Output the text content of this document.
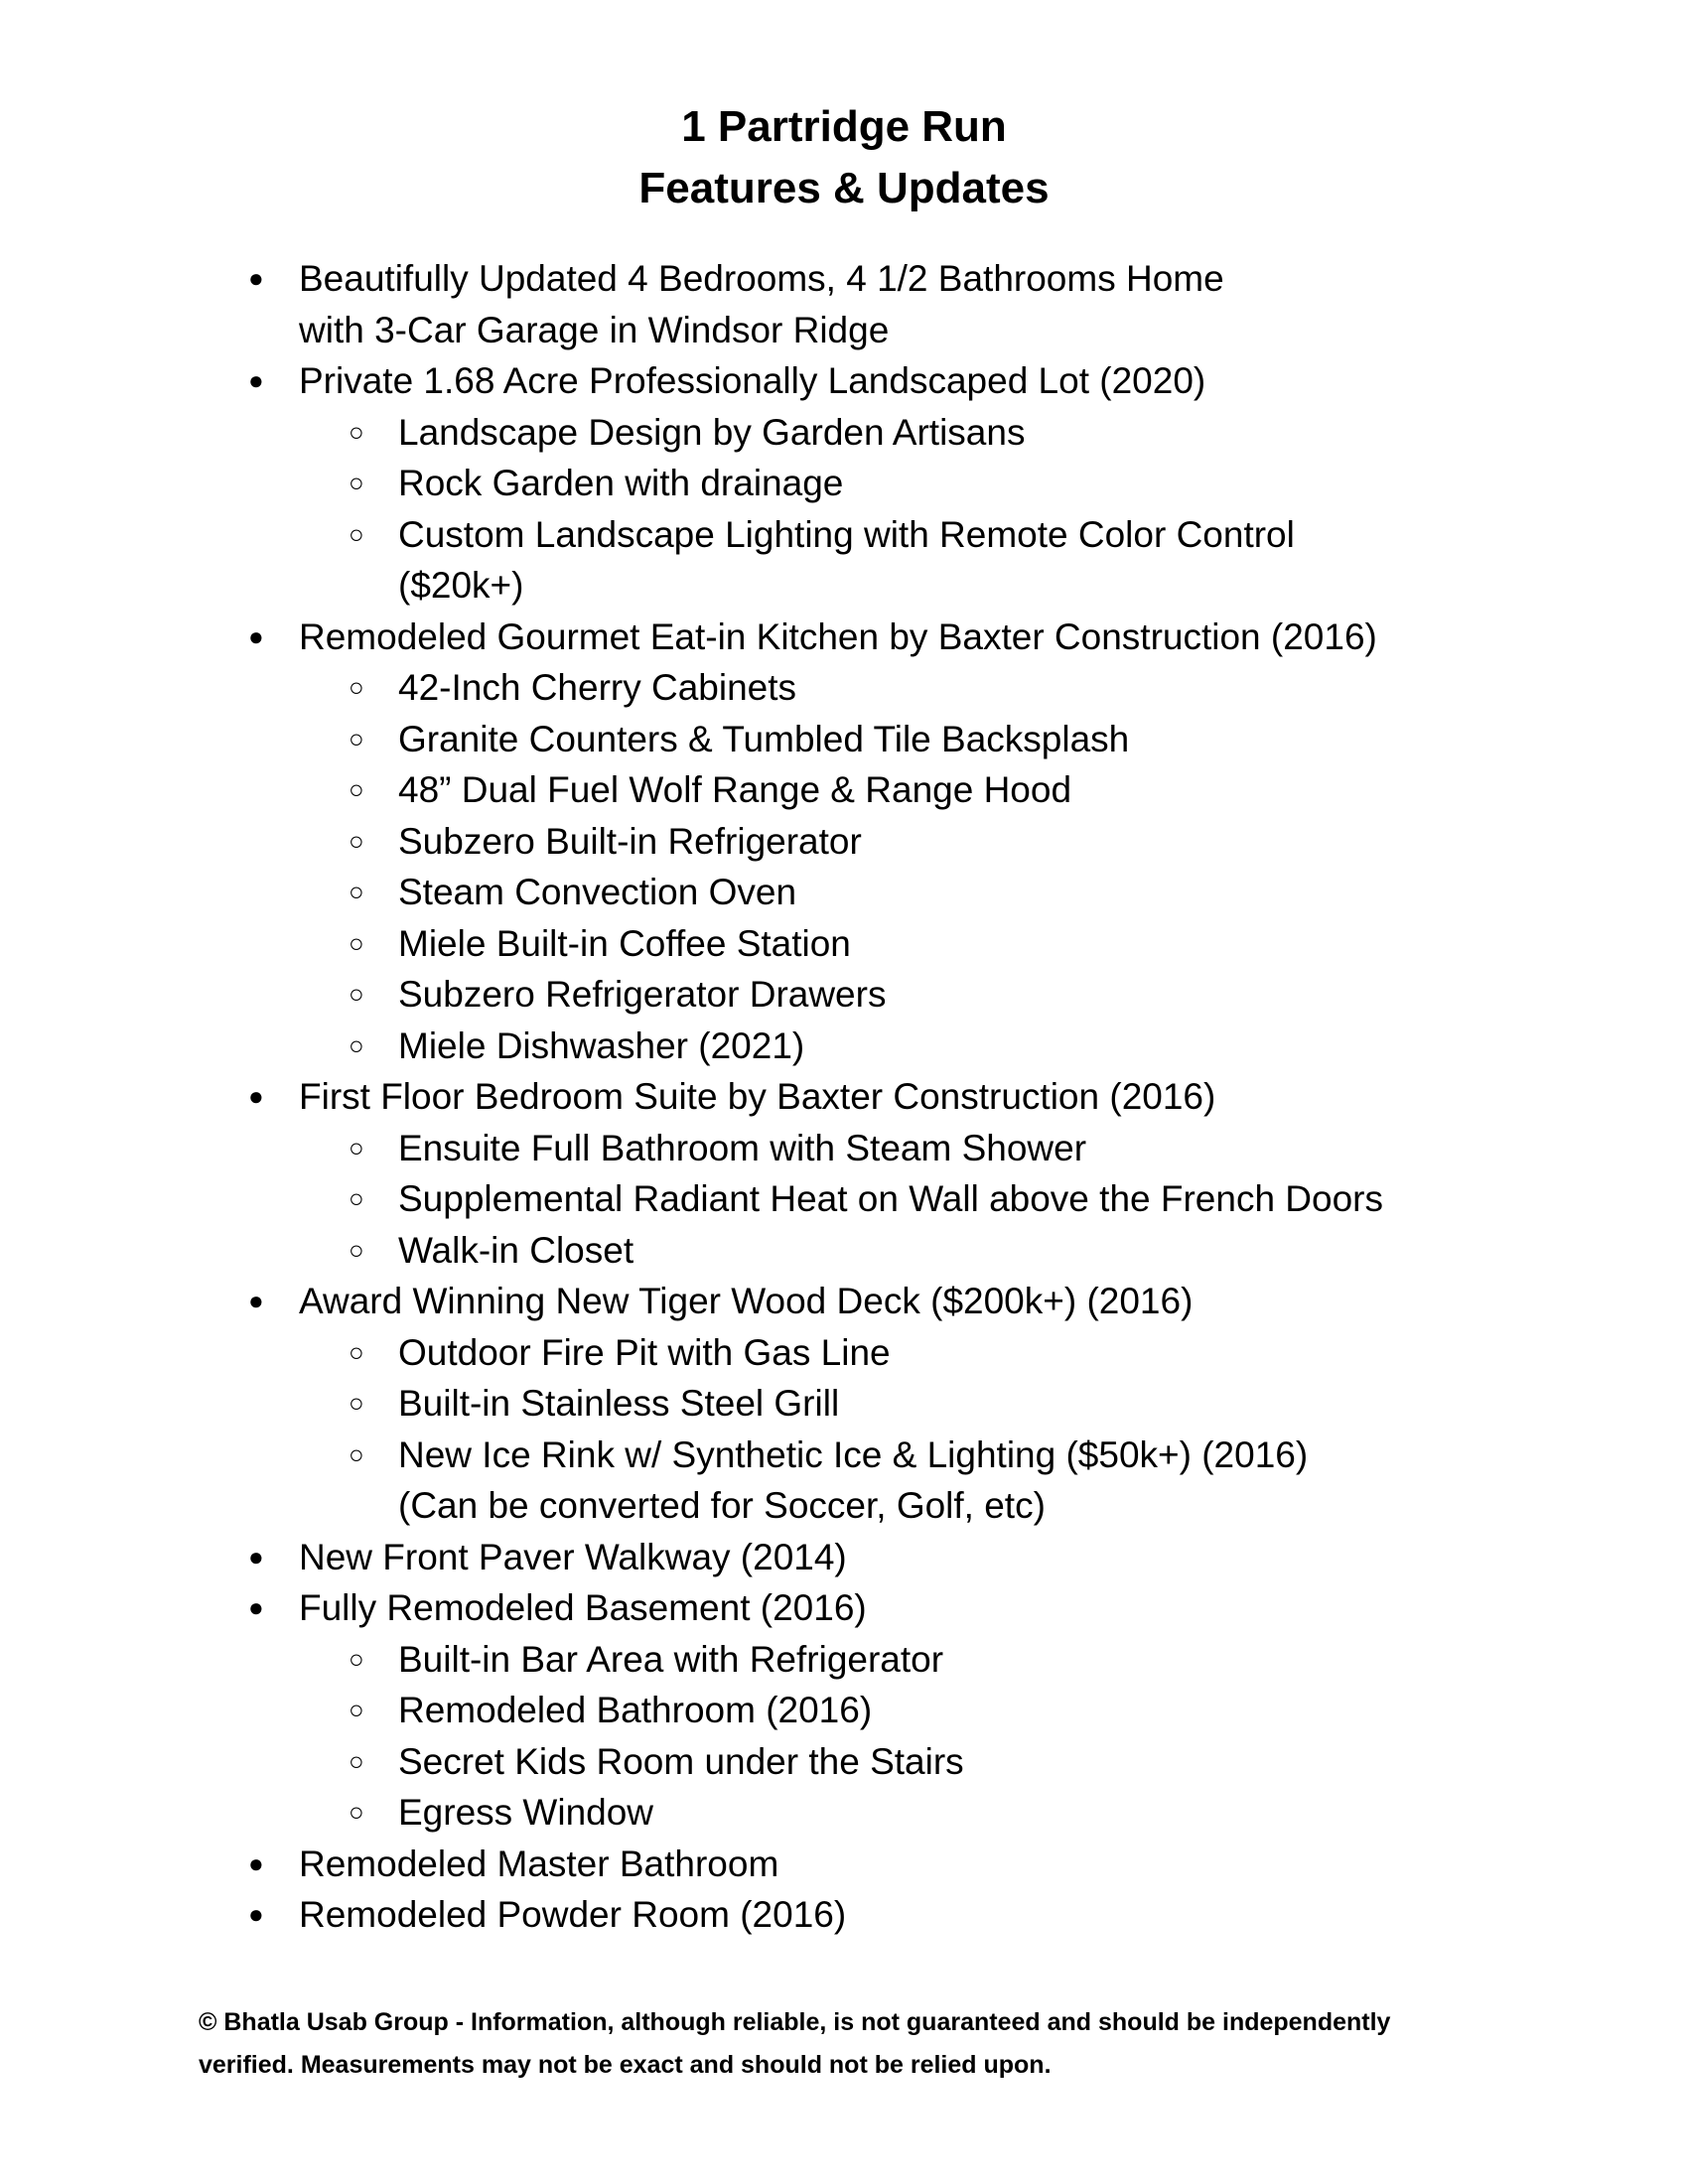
1 Partridge Run
Features & Updates
● Beautifully Updated 4 Bedrooms, 4 1/2 Bathrooms Home
with 3-Car Garage in Windsor Ridge
● Private 1.68 Acre Professionally Landscaped Lot (2020)
○ Landscape Design by Garden Artisans
○ Rock Garden with drainage
○ Custom Landscape Lighting with Remote Color Control
($20k+)
● Remodeled Gourmet Eat-in Kitchen by Baxter Construction (2016)
○ 42-Inch Cherry Cabinets
○ Granite Counters & Tumbled Tile Backsplash
○ 48” Dual Fuel Wolf Range & Range Hood
○ Subzero Built-in Refrigerator
○ Steam Convection Oven
○ Miele Built-in Coffee Station
○ Subzero Refrigerator Drawers
○ Miele Dishwasher (2021)
● First Floor Bedroom Suite by Baxter Construction (2016)
○ Ensuite Full Bathroom with Steam Shower
○ Supplemental Radiant Heat on Wall above the French Doors
○ Walk-in Closet
● Award Winning New Tiger Wood Deck ($200k+) (2016)
○ Outdoor Fire Pit with Gas Line
○ Built-in Stainless Steel Grill
○ New Ice Rink w/ Synthetic Ice & Lighting ($50k+) (2016)
(Can be converted for Soccer, Golf, etc)
● New Front Paver Walkway (2014)
● Fully Remodeled Basement (2016)
○ Built-in Bar Area with Refrigerator
○ Remodeled Bathroom (2016)
○ Secret Kids Room under the Stairs
○ Egress Window
● Remodeled Master Bathroom
● Remodeled Powder Room (2016)

© Bhatla Usab Group - Information, although reliable, is not guaranteed and should be independently

verified. Measurements may not be exact and should not be relied upon.
